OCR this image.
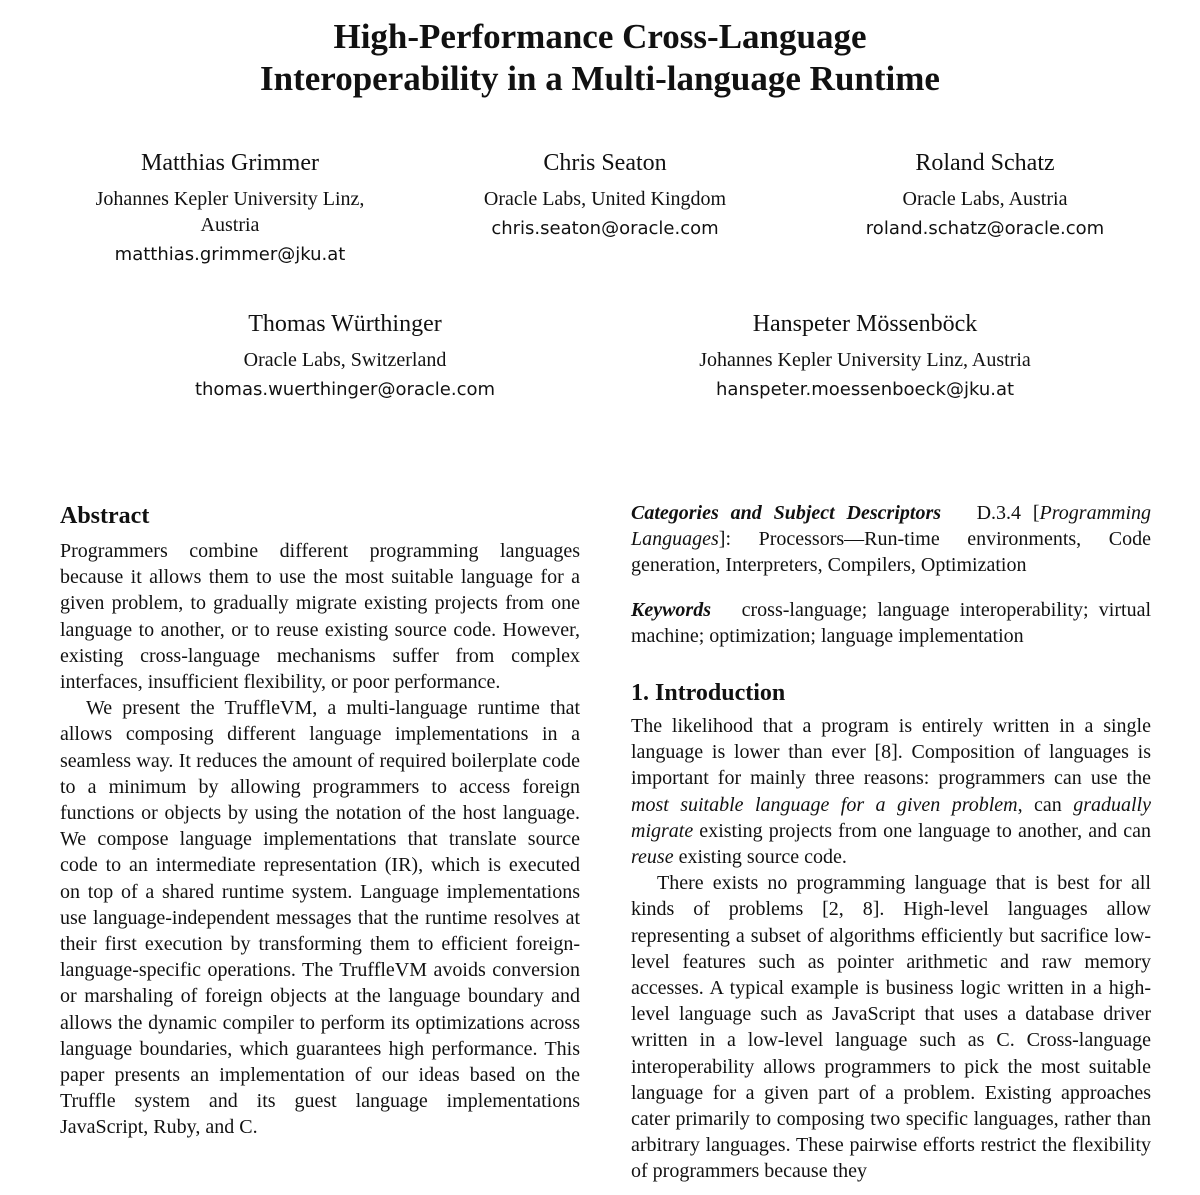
High-Performance Cross-Language
Interoperability in a Multi-language Runtime
Matthias Grimmer
Johannes Kepler University Linz,
Austria
matthias.grimmer@jku.at
Chris Seaton
Oracle Labs, United Kingdom
chris.seaton@oracle.com
Roland Schatz
Oracle Labs, Austria
roland.schatz@oracle.com
Thomas Würthinger
Oracle Labs, Switzerland
thomas.wuerthinger@oracle.com
Hanspeter Mössenböck
Johannes Kepler University Linz, Austria
hanspeter.moessenboeck@jku.at
Abstract

Programmers combine different programming languages because it allows them to use the most suitable language for a given problem, to gradually migrate existing projects from one language to another, or to reuse existing source code. However, existing cross-language mechanisms suffer from complex interfaces, insufficient flexibility, or poor performance.

We present the TruffleVM, a multi-language runtime that allows composing different language implementations in a seamless way. It reduces the amount of required boilerplate code to a minimum by allowing programmers to access foreign functions or objects by using the notation of the host language. We compose language implementations that translate source code to an intermediate representation (IR), which is executed on top of a shared runtime system. Language implementations use language-independent messages that the runtime resolves at their first execution by transforming them to efficient foreign-language-specific operations. The TruffleVM avoids conversion or marshaling of foreign objects at the language boundary and allows the dynamic compiler to perform its optimizations across language boundaries, which guarantees high performance. This paper presents an implementation of our ideas based on the Truffle system and its guest language implementations JavaScript, Ruby, and C.

Categories and Subject Descriptors D.3.4 [Programming Languages]: Processors—Run-time environments, Code generation, Interpreters, Compilers, Optimization

Keywords cross-language; language interoperability; virtual machine; optimization; language implementation

1. Introduction

The likelihood that a program is entirely written in a single language is lower than ever [8]. Composition of languages is important for mainly three reasons: programmers can use the most suitable language for a given problem, can gradually migrate existing projects from one language to another, and can reuse existing source code.

There exists no programming language that is best for all kinds of problems [2, 8]. High-level languages allow representing a subset of algorithms efficiently but sacrifice low-level features such as pointer arithmetic and raw memory accesses. A typical example is business logic written in a high-level language such as JavaScript that uses a database driver written in a low-level language such as C. Cross-language interoperability allows programmers to pick the most suitable language for a given part of a problem. Existing approaches cater primarily to composing two specific languages, rather than arbitrary languages. These pairwise efforts restrict the flexibility of programmers because they
